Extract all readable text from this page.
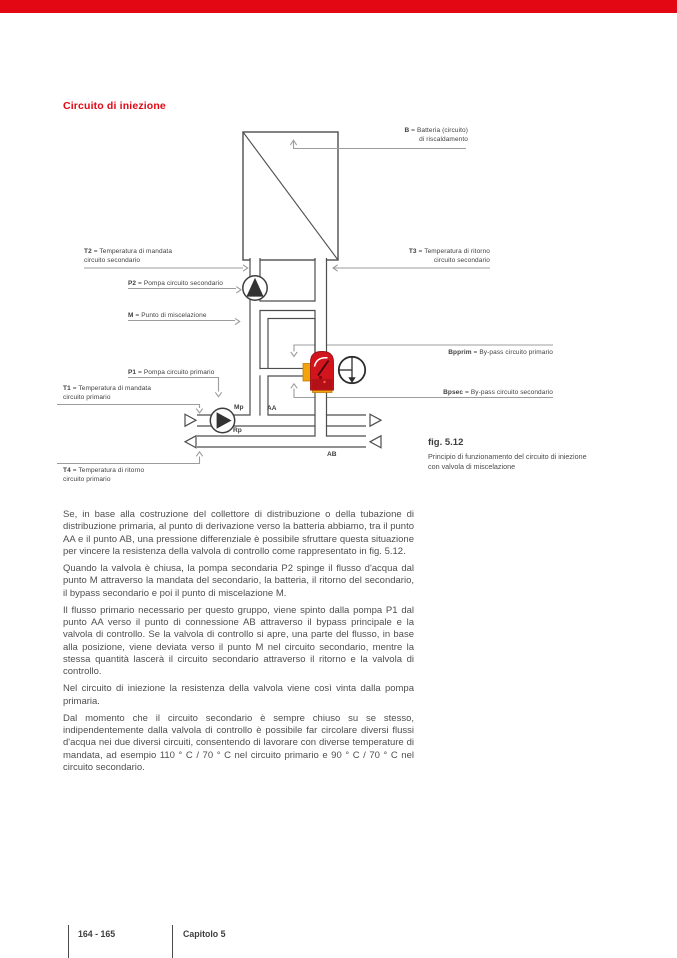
Circuito di iniezione
B = Batteria (circuito)
di riscaldamento
T2 = Temperatura di mandata
circuito secondario
T3 = Temperatura di ritorno
circuito secondario
P2 = Pompa circuito secondario
M = Punto di miscelazione
P1 = Pompa circuito primario
T1 = Temperatura di mandata
circuito primario
T4 = Temperatura di ritorno
circuito primario
Bpprim = By-pass circuito primario
Bpsec = By-pass circuito secondario
Mp	AA
Rp
AB
fig. 5.12
Principio di funzionamento del circuito di iniezione
con valvola di miscelazione

Se, in base alla costruzione del collettore di distribuzione o della tubazione di distribuzione primaria, al punto di derivazione verso la batteria abbiamo, tra il punto AA e il punto AB, una pressione differenziale è possibile sfruttare questa situazione per vincere la resistenza della valvola di controllo come rappresentato in fig. 5.12.

Quando la valvola è chiusa, la pompa secondaria P2 spinge il flusso d'acqua dal punto M attraverso la mandata del secondario, la batteria, il ritorno del secondario, il bypass secondario e poi il punto di miscelazione M.

Il flusso primario necessario per questo gruppo, viene spinto dalla pompa P1 dal punto AA verso il punto di connessione AB attraverso il bypass principale e la valvola di controllo. Se la valvola di controllo si apre, una parte del flusso, in base alla posizione, viene deviata verso il punto M nel circuito secondario, mentre la stessa quantità lascerà il circuito secondario attraverso il ritorno e la valvola di controllo.

Nel circuito di iniezione la resistenza della valvola viene così vinta dalla pompa primaria.

Dal momento che il circuito secondario è sempre chiuso su se stesso, indipendentemente dalla valvola di controllo è possibile far circolare diversi flussi d'acqua nei due diversi circuiti, consentendo di lavorare con diverse temperature di mandata, ad esempio 110 ° C / 70 ° C nel circuito primario e 90 ° C / 70 ° C nel circuito secondario.

164 - 165	Capitolo 5
